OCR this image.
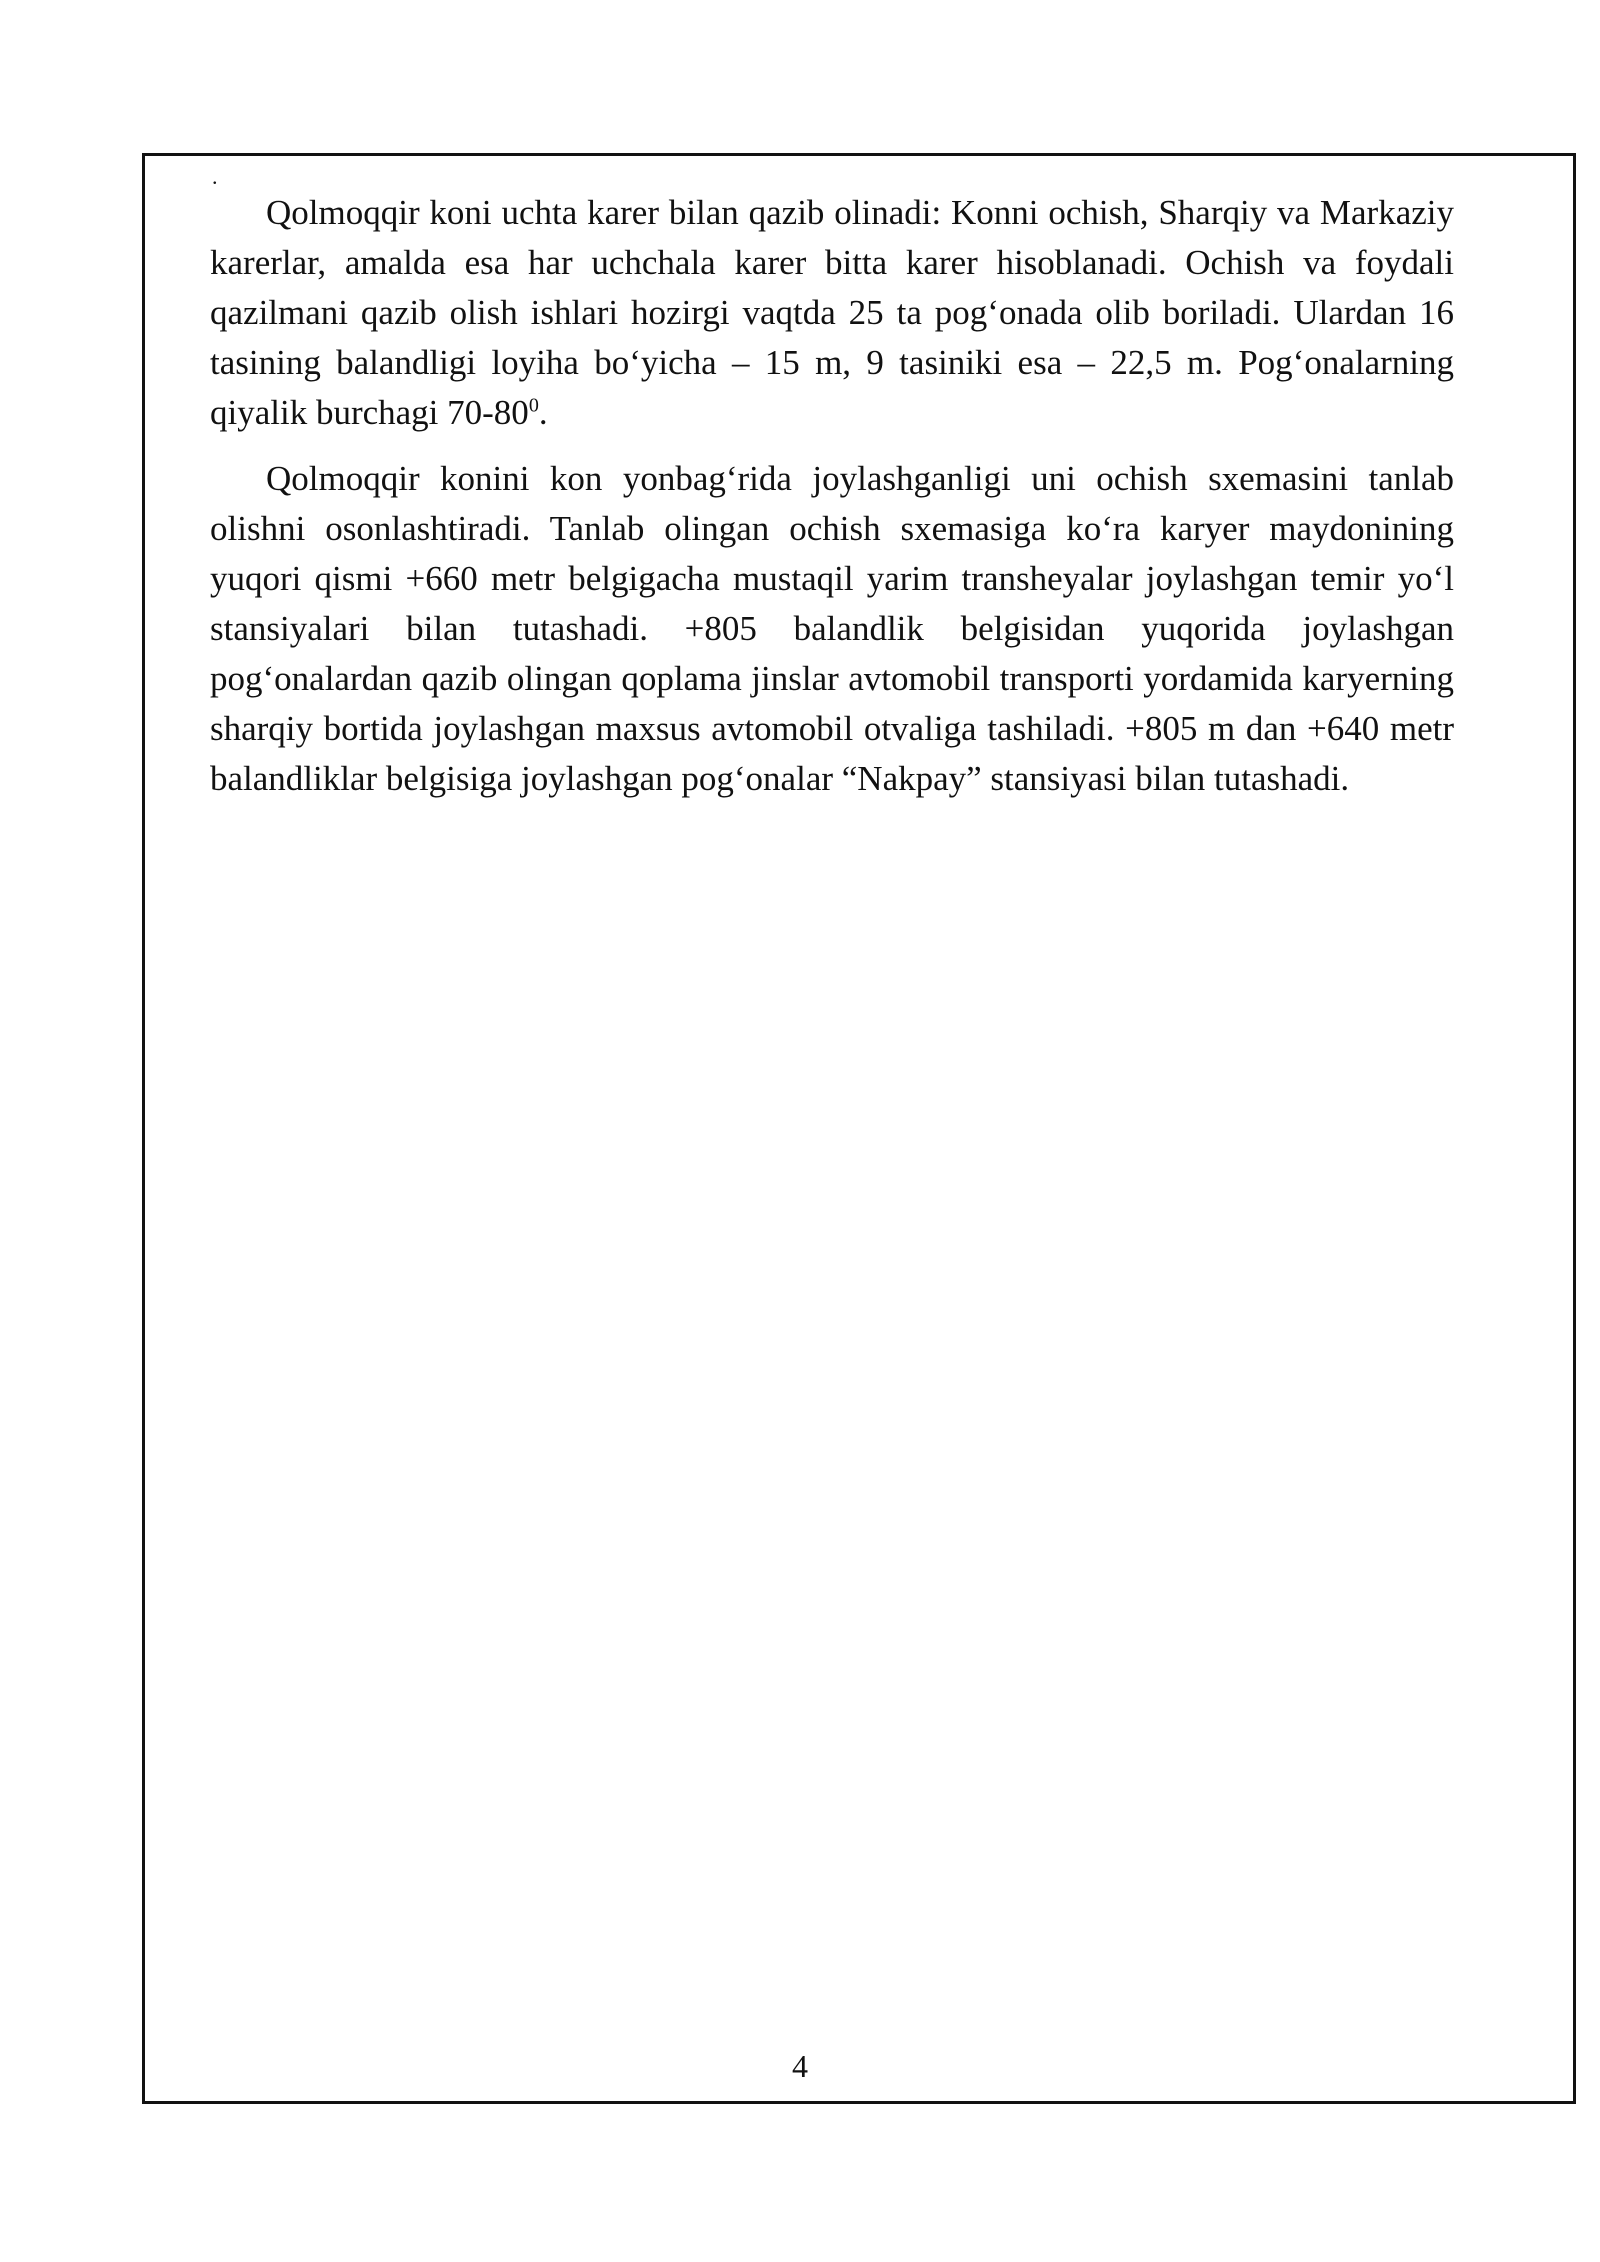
.

Qolmoqqir koni uchta karer bilan qazib olinadi: Konni ochish, Sharqiy va Markaziy karerlar, amalda esa har uchchala karer bitta karer hisoblanadi. Ochish va foydali qazilmani qazib olish ishlari hozirgi vaqtda 25 ta pog‘onada olib boriladi. Ulardan 16 tasining balandligi loyiha bo‘yicha – 15 m, 9 tasiniki esa – 22,5 m. Pog‘onalarning qiyalik burchagi $70-80^0$.

Qolmoqqir konini kon yonbag‘rida joylashganligi uni ochish sxemasini tanlab olishni osonlashtiradi. Tanlab olingan ochish sxemasiga ko‘ra karyer maydonining yuqori qismi +660 metr belgigacha mustaqil yarim transheyalar joylashgan temir yo‘l stansiyalari bilan tutashadi. +805 balandlik belgisidan yuqorida joylashgan pog‘onalardan qazib olingan qoplama jinslar avtomobil transporti yordamida karyerning sharqiy bortida joylashgan maxsus avtomobil otvaliga tashiladi. +805 m dan +640 metr balandliklar belgisiga joylashgan pog‘onalar “Nakpay” stansiyasi bilan tutashadi.

4
